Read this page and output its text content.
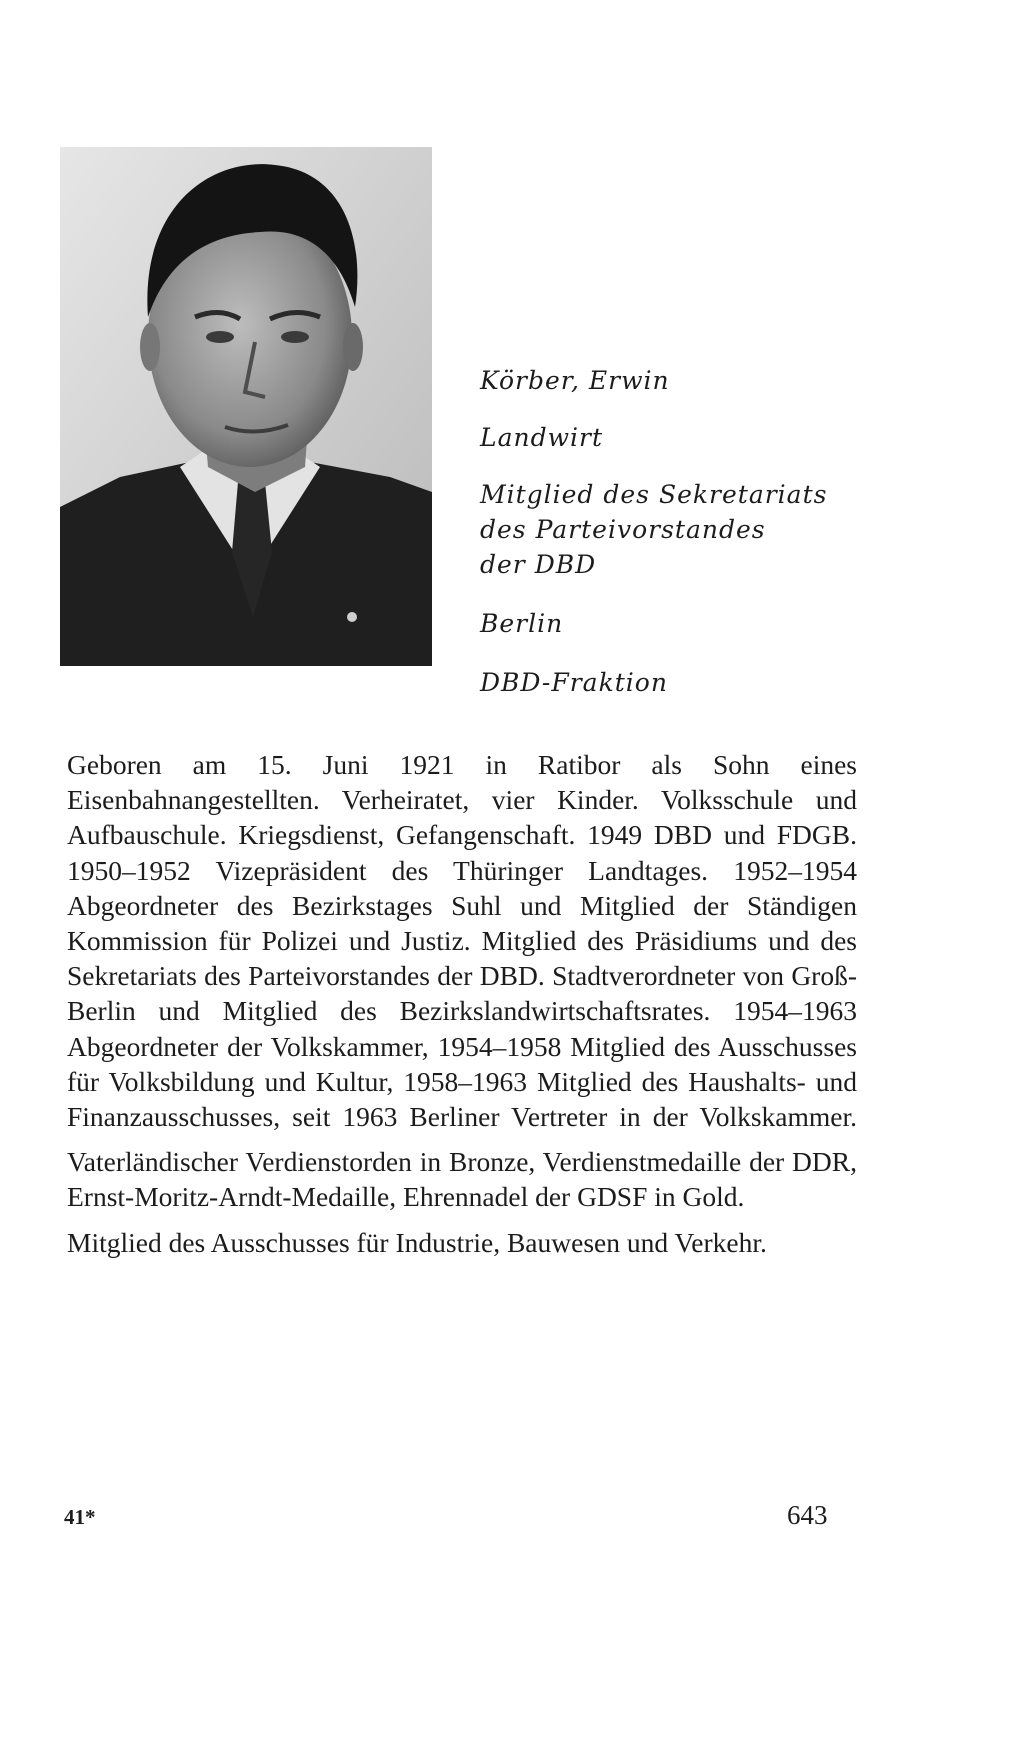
Körber, Erwin
Landwirt
Mitglied des Sekretariats
des Parteivorstandes
der DBD
Berlin
DBD-Fraktion

Geboren am 15. Juni 1921 in Ratibor als Sohn eines Eisenbahnangestellten. Verheiratet, vier Kinder. Volksschule und Aufbauschule. Kriegsdienst, Gefangenschaft. 1949 DBD und FDGB. 1950–1952 Vizepräsident des Thüringer Landtages. 1952–1954 Abgeordneter des Bezirkstages Suhl und Mitglied der Ständigen Kommission für Polizei und Justiz. Mitglied des Präsidiums und des Sekretariats des Parteivorstandes der DBD. Stadtverordneter von Groß-Berlin und Mitglied des Bezirkslandwirtschaftsrates. 1954–1963 Abgeordneter der Volkskammer, 1954–1958 Mitglied des Ausschusses für Volksbildung und Kultur, 1958–1963 Mitglied des Haushalts- und Finanzausschusses, seit 1963 Berliner Vertreter in der Volkskammer.

Vaterländischer Verdienstorden in Bronze, Verdienstmedaille der DDR, Ernst-Moritz-Arndt-Medaille, Ehrennadel der GDSF in Gold.

Mitglied des Ausschusses für Industrie, Bauwesen und Verkehr.

41*	643
